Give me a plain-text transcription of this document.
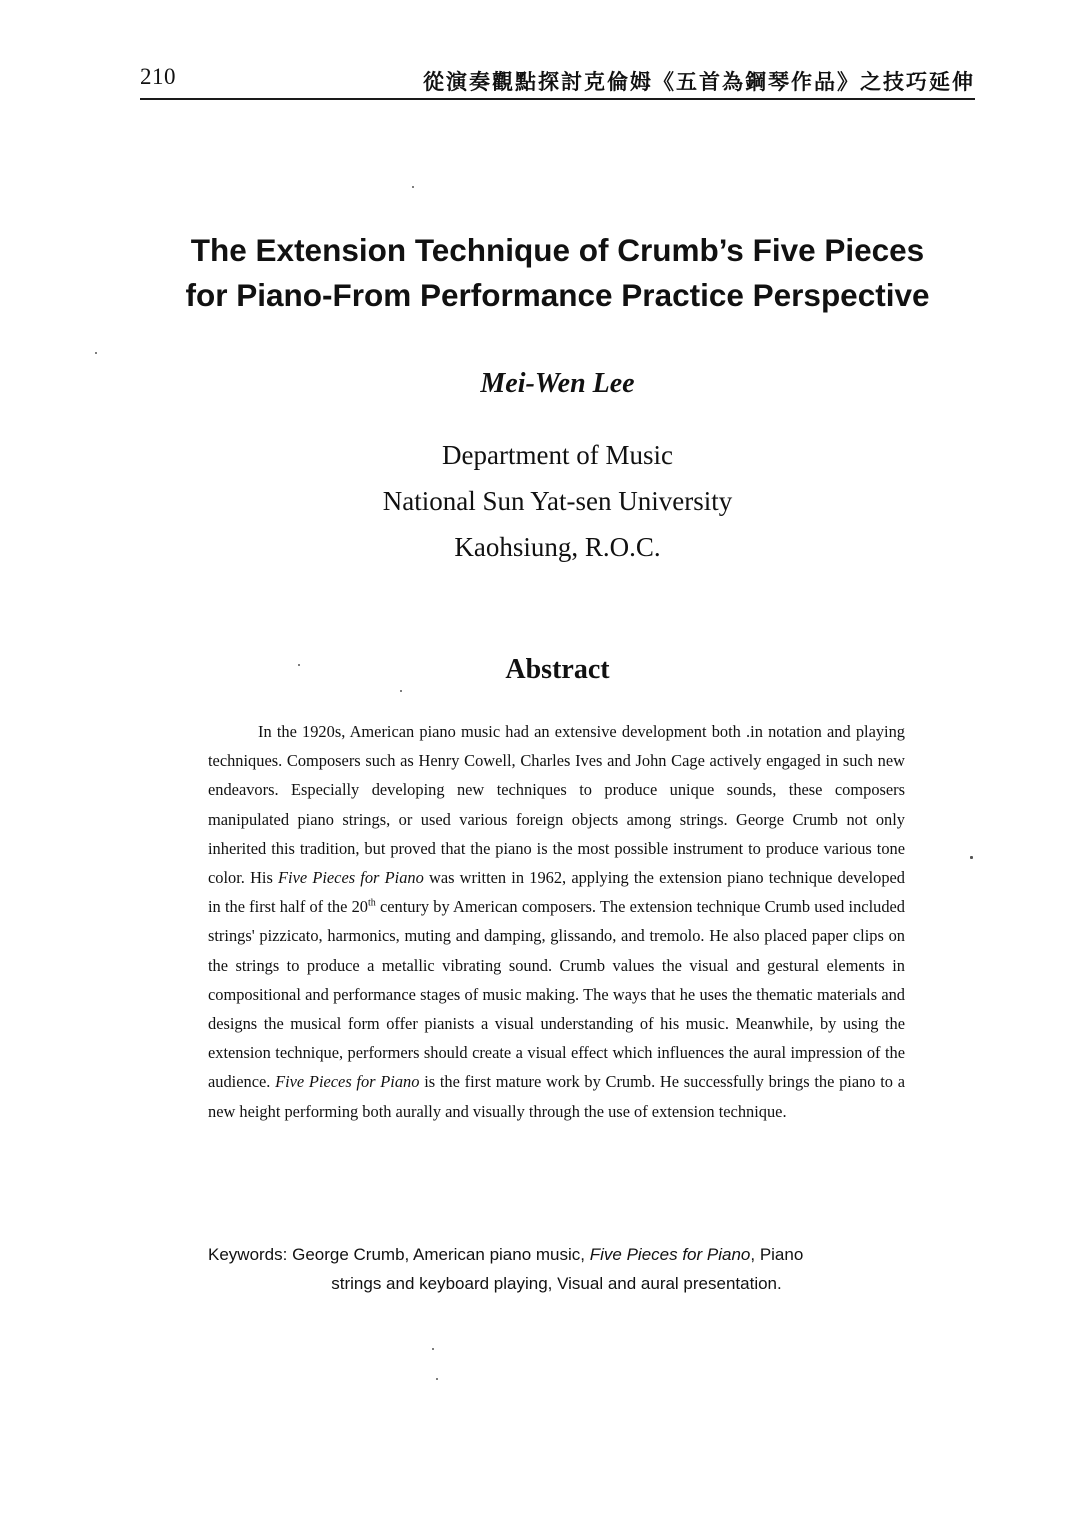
210	從演奏觀點探討克倫姆《五首為鋼琴作品》之技巧延伸
The Extension Technique of Crumb’s Five Pieces
for Piano-From Performance Practice Perspective
Mei-Wen Lee
Department of Music
National Sun Yat-sen University
Kaohsiung, R.O.C.
Abstract

In the 1920s, American piano music had an extensive development both .in notation and playing techniques. Composers such as Henry Cowell, Charles Ives and John Cage actively engaged in such new endeavors. Especially developing new techniques to produce unique sounds, these composers manipulated piano strings, or used various foreign objects among strings. George Crumb not only inherited this tradition, but proved that the piano is the most possible instrument to produce various tone color. His Five Pieces for Piano was written in 1962, applying the extension piano technique developed in the first half of the 20th century by American composers. The extension technique Crumb used included strings' pizzicato, harmonics, muting and damping, glissando, and tremolo. He also placed paper clips on the strings to produce a metallic vibrating sound. Crumb values the visual and gestural elements in compositional and performance stages of music making. The ways that he uses the thematic materials and designs the musical form offer pianists a visual understanding of his music. Meanwhile, by using the extension technique, performers should create a visual effect which influences the aural impression of the audience. Five Pieces for Piano is the first mature work by Crumb. He successfully brings the piano to a new height performing both aurally and visually through the use of extension technique.

Keywords: George Crumb, American piano music, Five Pieces for Piano, Piano
strings and keyboard playing, Visual and aural presentation.
